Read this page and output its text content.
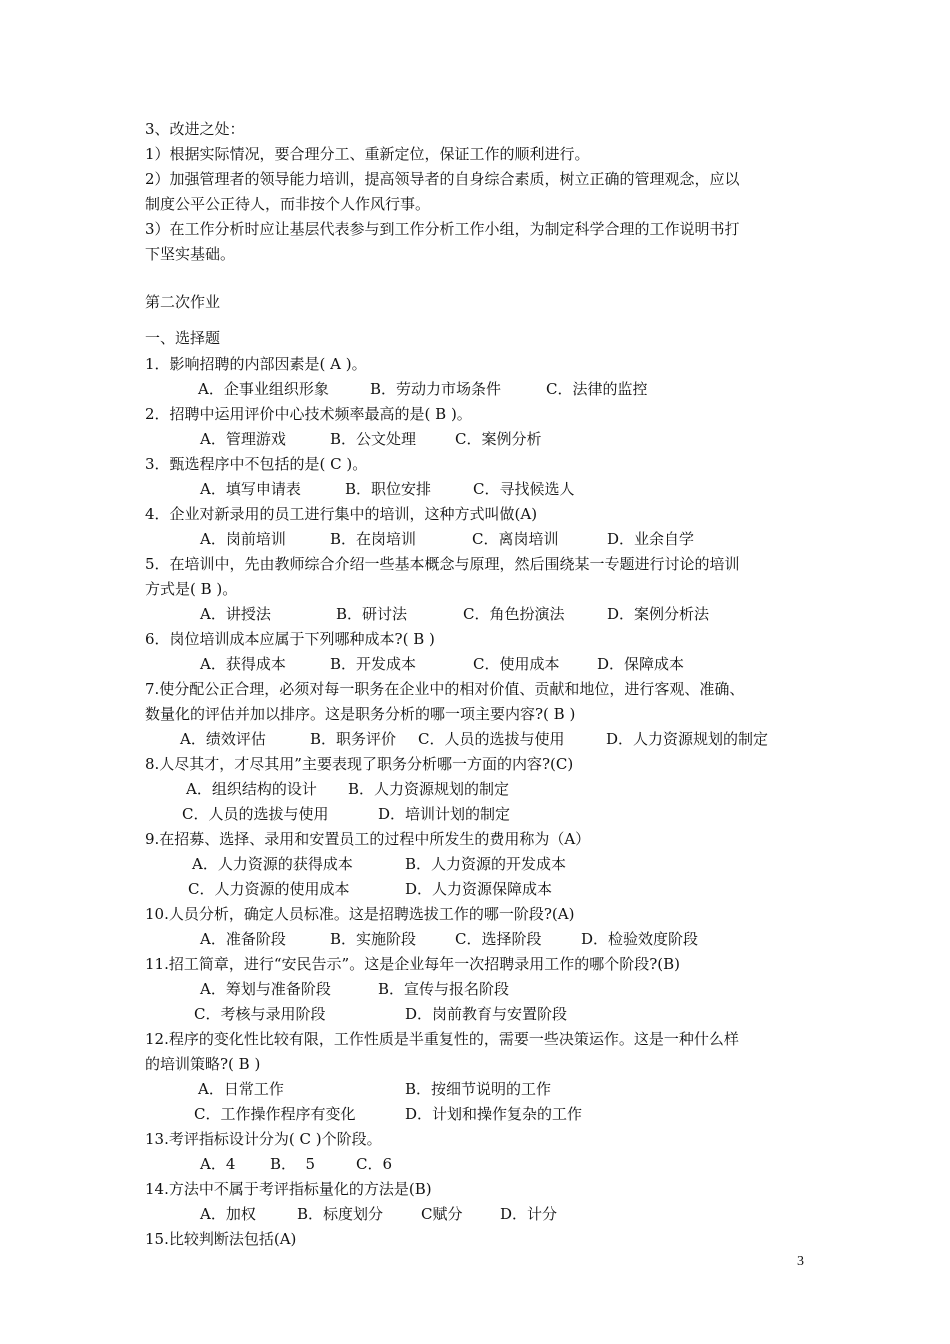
3、改进之处：
1）根据实际情况，要合理分工、重新定位，保证工作的顺利进行。
2）加强管理者的领导能力培训，提高领导者的自身综合素质，树立正确的管理观念，应以
制度公平公正待人，而非按个人作风行事。
3）在工作分析时应让基层代表参与到工作分析工作小组，为制定科学合理的工作说明书打
下坚实基础。
第二次作业
一、选择题
1．影响招聘的内部因素是( A )。
A．企事业组织形象	B．劳动力市场条件	C．法律的监控
2．招聘中运用评价中心技术频率最高的是( B )。
A．管理游戏	B．公文处理	C．案例分析
3．甄选程序中不包括的是( C )。
A．填写申请表	B．职位安排	C．寻找候选人
4．企业对新录用的员工进行集中的培训，这种方式叫做(A)
A．岗前培训	B．在岗培训	C．离岗培训	D．业余自学
5．在培训中，先由教师综合介绍一些基本概念与原理，然后围绕某一专题进行讨论的培训
方式是( B )。
A．讲授法	B．研讨法	C．角色扮演法	D．案例分析法
6．岗位培训成本应属于下列哪种成本?( B )
A．获得成本	B．开发成本	C．使用成本	D．保障成本
7.使分配公正合理，必须对每一职务在企业中的相对价值、贡献和地位，进行客观、准确、
数量化的评估并加以排序。这是职务分析的哪一项主要内容?( B )
A．绩效评估	B．职务评价 C．人员的选拔与使用	D．人力资源规划的制定
8.人尽其才，才尽其用”主要表现了职务分析哪一方面的内容?(C)
A．组织结构的设计 B．人力资源规划的制定
C．人员的选拔与使用	D．培训计划的制定
9.在招募、选择、录用和安置员工的过程中所发生的费用称为（A）
A．人力资源的获得成本	B．人力资源的开发成本
C．人力资源的使用成本	D．人力资源保障成本
10.人员分析，确定人员标准。这是招聘选拔工作的哪一阶段?(A)
A．准备阶段	B．实施阶段	C．选择阶段	D．检验效度阶段
11.招工简章，进行“安民告示”。这是企业每年一次招聘录用工作的哪个阶段?(B)
A．筹划与准备阶段	B．宣传与报名阶段
C．考核与录用阶段	D．岗前教育与安置阶段
12.程序的变化性比较有限，工作性质是半重复性的，需要一些决策运作。这是一种什么样
的培训策略?( B )
A．日常工作	B．按细节说明的工作
C．工作操作程序有变化	D．计划和操作复杂的工作
13.考评指标设计分为( C )个阶段。
A．4 B．  5	C．6
14.方法中不属于考评指标量化的方法是(B)
A．加权	B．标度划分	C赋分	D．计分
15.比较判断法包括(A)
3
